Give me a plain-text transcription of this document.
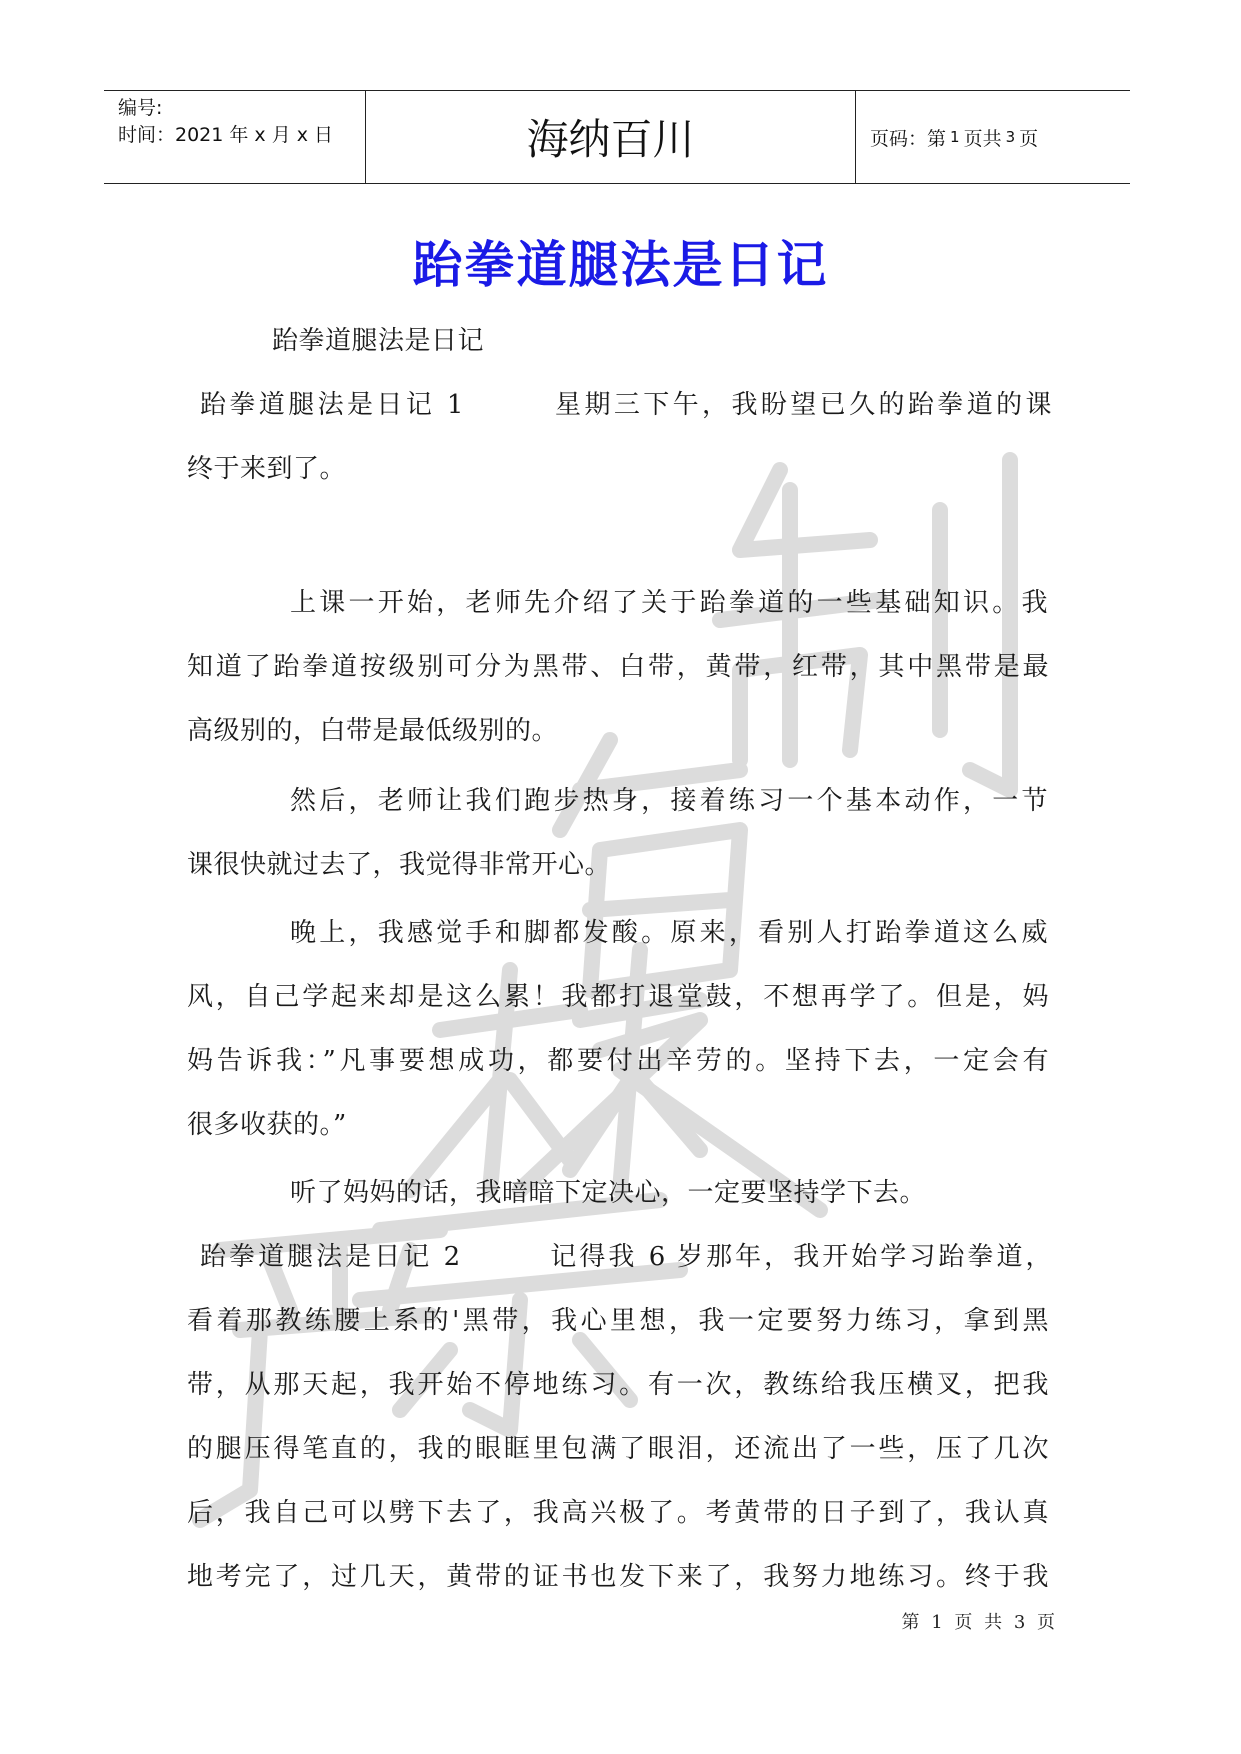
编号:
时间：2021 年 x 月 x 日	海纳百川	页码：第 1 页共 3 页
跆拳道腿法是日记
跆拳道腿法是日记
跆拳道腿法是日记 1　　　星期三下午，我盼望已久的跆拳道的课
终于来到了。
上课一开始，老师先介绍了关于跆拳道的一些基础知识。我
知道了跆拳道按级别可分为黑带、白带，黄带，红带，其中黑带是最
高级别的，白带是最低级别的。
然后，老师让我们跑步热身，接着练习一个基本动作，一节
课很快就过去了，我觉得非常开心。
晚上，我感觉手和脚都发酸。原来，看别人打跆拳道这么威
风，自己学起来却是这么累！我都打退堂鼓，不想再学了。但是，妈
妈告诉我：”凡事要想成功，都要付出辛劳的。坚持下去，一定会有
很多收获的。”
听了妈妈的话，我暗暗下定决心，一定要坚持学下去。
跆拳道腿法是日记 2　　　记得我 6 岁那年，我开始学习跆拳道，
看着那教练腰上系的'黑带，我心里想，我一定要努力练习，拿到黑
带，从那天起，我开始不停地练习。有一次，教练给我压横叉，把我
的腿压得笔直的，我的眼眶里包满了眼泪，还流出了一些，压了几次
后，我自己可以劈下去了，我高兴极了。考黄带的日子到了，我认真
地考完了，过几天，黄带的证书也发下来了，我努力地练习。终于我
第 1 页 共 3 页
